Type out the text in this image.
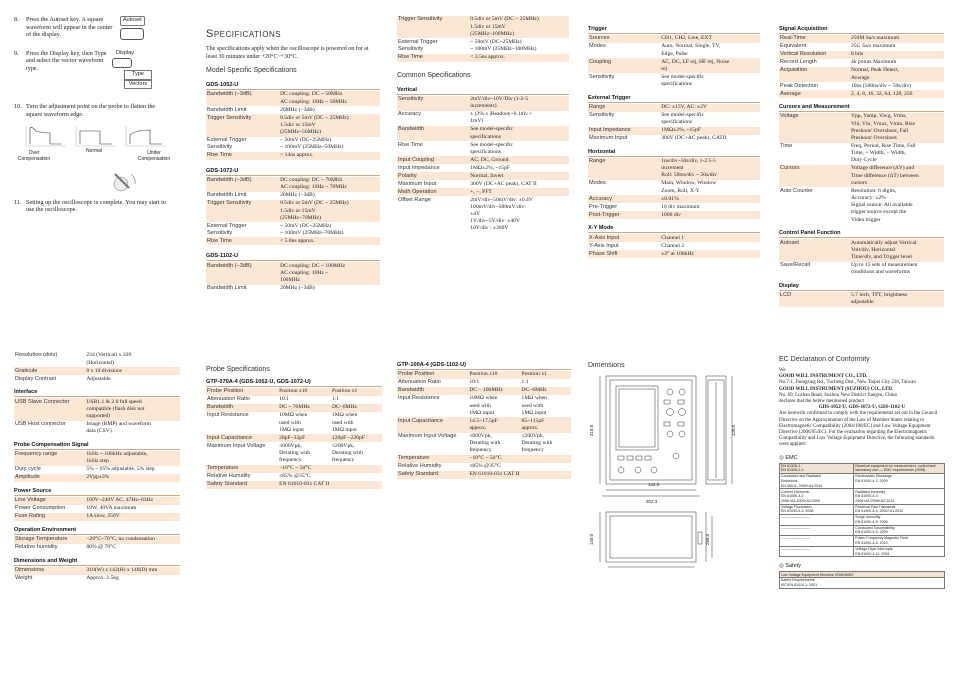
8.	Press the Autoset key. A square waveform will appear in the center of the display.
Autoset
9.	Press the Display key, then Type and select the vector waveform type.
Display
Type
Vectors
10. Turn the adjustment point on the probe to flatten the square waveform edge.
Over Compensation
Normal	Under Compensation
11. Setting up the oscilloscope is complete. You may start to use the oscilloscope.
Specifications
The specifications apply when the oscilloscope is powered on for at least 30 minutes under +20°C~+30°C.
Model Specific Specifications
GDS-1052-U
Bandwidth (−3dB)	DC coupling: DC ~ 50MHz
AC coupling: 10Hz ~ 50MHz
Bandwidth Limit	20MHz (−3dB)
Trigger Sensitivity	0.5div or 5mV (DC ~ 25MHz)
1.5div or 15mV
(25MHz~50MHz)
External Trigger
Sensitivity	~ 50mV (DC~25MHz)
~ 100mV (25MHz~50MHz)
Rise Time	< 14ns approx.
GDS-1072-U
Bandwidth (−3dB)	DC coupling: DC ~ 70MHz
AC coupling: 10Hz ~ 70MHz
Bandwidth Limit	20MHz (−3dB)
Trigger Sensitivity	0.5div or 5mV (DC ~ 25MHz)
1.5div or 15mV
(25MHz~70MHz)
External Trigger
Sensitivity	~ 50mV (DC~25MHz)
~ 100mV (25MHz~70MHz)
Rise Time	< 5.8ns approx.
GDS-1102-U
Bandwidth (−3dB)	DC coupling: DC ~ 100MHz
AC coupling: 10Hz ~
100MHz
Bandwidth Limit	20MHz (−3dB)
Trigger Sensitivity	0.5div or 5mV (DC ~ 25MHz)
1.5div or 15mV
(25MHz~100MHz)
External Trigger
Sensitivity	~ 50mV (DC~25MHz)
~ 100mV (25MHz~100MHz)
Rise Time	< 3.5ns approx.
Common Specifications
Vertical
Sensitivity	2mV/div~10V/Div (1-2-5
increments)
Accuracy	± (3% x |Readout|+0.1div +
1mV)
Bandwidth	See model-specific
specifications
Rise Time	See model-specific
specifications
Input Coupling	AC, DC, Ground
Input Impedance	1MΩ±2%, ~15pF
Polarity	Normal, Invert
Maximum Input	300V (DC+AC peak), CAT II
Math Operation	+, −, FFT
Offset Range	2mV/div~50mV/div: ±0.4V
100mV/div~500mV/div:
±4V
1V/div~5V/div: ±40V
10V/div : ±300V
Trigger
Sources	CH1, CH2, Line, EXT
Modes	Auto, Normal, Single, TV,
Edge, Pulse
Coupling	AC, DC, LF rej, HF rej, Noise
rej
Sensitivity	See model-specific
specifications
External Trigger
Range	DC: ±15V, AC: ±2V
Sensitivity	See model-specific
specifications
Input Impedance	1MΩ±2%, ~15pF
Maximum Input	300V (DC+AC peak), CATII
Horizontal
Range	1ns/div~50s/div, 1-2.5-5
increment
Roll: 50ms/div ~ 50s/div
Modes	Main, Window, Window
Zoom, Roll, X-Y
Accuracy	±0.01%
Pre-Trigger	10 div maximum
Post-Trigger	1000 div
X-Y Mode
X-Axis Input	Channel 1
Y-Axis Input	Channel 2
Phase Shift	±3° at 100kHz
Signal Acquisition
Real-Time	250M Sa/s maximum
Equivalent	25G Sa/s maximum
Vertical Resolution	8 bits
Record Length	4k points Maximum
Acquisition	Normal, Peak Detect,
Average
Peak Detection	10ns (500ns/div ~ 50s/div)
Average	2, 4, 8, 16, 32, 64, 128, 256
Cursors and Measurement
Voltage	Vpp, Vamp, Vavg, Vrms,
Vhi, Vlo, Vmax, Vmin, Rise
Preshoot/ Overshoot, Fall
Preshoot/ Overshoot
Time	Freq, Period, Rise Time, Fall
Time, + Width, − Width,
Duty Cycle
Cursors	Voltage difference (ΔV) and
Time difference (ΔT) between
cursors
Auto Counter	Resolution: 6 digits,
Accuracy: ±2%
Signal source: All available
trigger source except the
Video trigger
Control Panel Function
Autoset	Automatically adjust Vertical
Volt/div, Horizontal
Time/div, and Trigger level
Save/Recall	Up to 15 sets of measurement
conditions and waveforms
Display
LCD	5.7 inch, TFT, brightness
adjustable
Resolution (dots)	234 (Vertical) x 320
(Horizontal)
Graticule	8 x 10 divisions
Display Contrast	Adjustable
Interface
USB Slave Connector	USB1.1 & 2.0 full speed
compatible (flash disk not
supported)
USB Host connector	Image (BMP) and waveform
data (CSV)
Probe Compensation Signal
Frequency range	1kHz ~ 100kHz adjustable,
1kHz step
Duty cycle	5% ~ 95% adjustable, 5% step
Amplitude	2Vpp±3%
Power Source
Line Voltage	100V~240V AC, 47Hz~63Hz
Power Consumption	18W, 40VA maximum
Fuse Rating	1A slow, 250V
Operation Environment
Storage Temperature	−20°C~70°C, no condensation
Relative humidity	80% @ 70°C
Dimensions and Weight
Dimensions	310(W) x 142(H) x 140(D) mm
Weight	Approx. 2.5kg
Probe Specifications
GTP-070A-4 (GDS-1052-U, GDS-1072-U)
Probe Position	Position x10	Position x1
Attenuation Ratio	10:1	1:1
Bandwidth	DC ~ 70MHz	DC~6MHz
Input Resistance	10MΩ when
used with
1MΩ input	1MΩ when
used with
1MΩ input
Input Capacitance	28pF~32pF	120pF ~220pF
Maximum Input Voltage	≤600Vpk,
Derating with
frequency	≤200Vpk,
Derating with
frequency
Temperature	−10°C ~ 50°C	
Relative Humidity	≤85% @35°C	
Safety Standard	EN 61010-031 CAT II	
GTP-100A-4 (GDS-1102-U)
Probe Position	Position x10	Position x1
Attenuation Ratio	10:1	1:1
Bandwidth	DC ~ 100MHz	DC~6MHz
Input Resistance	10MΩ when
used with
1MΩ input	1MΩ when
used with
1MΩ input
Input Capacitance	14.5~17.5pF
approx.	85~115pF
approx.
Maximum Input Voltage	≤600Vpk,
Derating with
frequency	≤200Vpk,
Derating with
frequency
Temperature	−10°C ~ 50°C	
Relative Humidity	≤85% @35°C	
Safety Standard	EN 61010-031 CAT II	
Dimensions
142.0
310.0
302.3
130.0
288.0
140.0
EC Declaration of Conformity
We
GOOD WILL INSTRUMENT CO., LTD.
No.7-1, Jhongsing Rd., Tucheng Dist., New Taipei City 236, Taiwan
GOOD WILL INSTRUMENT (SUZHOU) CO., LTD.
No. 69, Lushan Road, Suzhou New District Jiangsu, China
declares that the below mentioned product
GDS-1052-U, GDS-1072-U, GDS-1102-U
Are herewith confirmed to comply with the requirements set out in the Council Directive on the Approximation of the Law of Member States relating to Electromagnetic Compatibility (2004/108/EC) and Low Voltage Equipment Directive (2006/95/EC). For the evaluation regarding the Electromagnetic Compatibility and Low Voltage Equipment Directive, the following standards were applied:
◎ EMC
EN 61326-1 :
EN 61326-2-1:	Electrical equipment for measurement, control and
laboratory use –– EMC requirements (2006)
Conducted and Radiated
Emissions
EN 55011: 2009+A1:2010	Electrostatic Discharge
EN 61000-4-2: 2009
Current Harmonic
EN 61000-3-2:
2006+A1:2009+A2:2009	Radiated Immunity
EN 61000-4-3:
2006+A1:2008+A2:2010
Voltage Fluctuation
EN 61000-3-3: 2008	Electrical Fast Transients
EN 61000-4-4: 2004+A1:2010
------------------------	Surge Immunity
EN 61000-4-5: 2006
------------------------	Conducted Susceptibility
EN 61000-4-6: 2009
------------------------	Power Frequency Magnetic Field
EN 61000-4-8: 2010
------------------------	Voltage Dips/ Interrupts
EN 61000-4-11: 2004
◎ Safety
Low Voltage Equipment Directive 2006/95/EC
Safety Requirements
IEC/EN 61010-1: 2001
